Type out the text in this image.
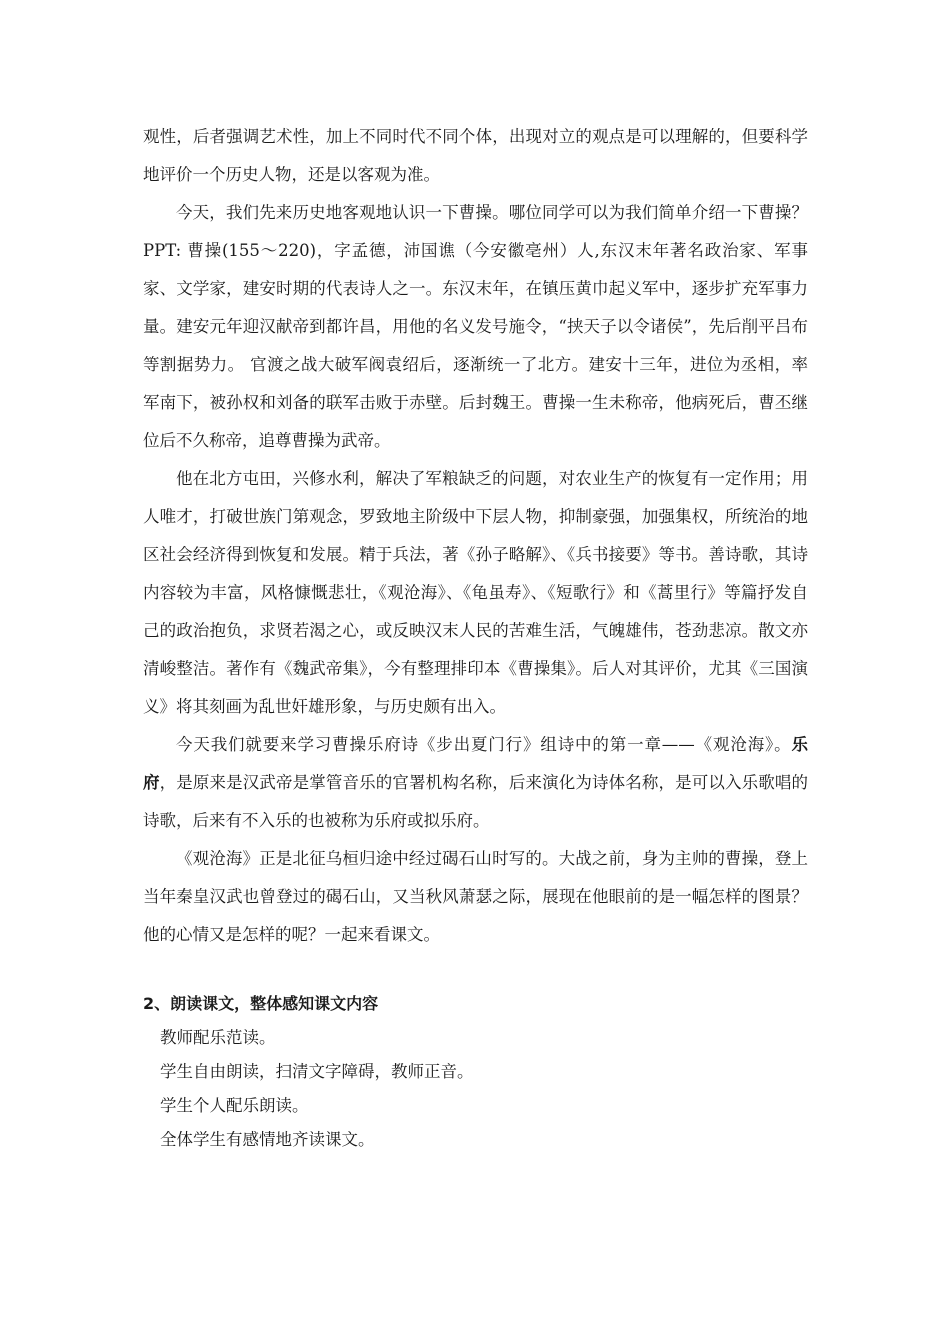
观性，后者强调艺术性，加上不同时代不同个体，出现对立的观点是可以理解的，但要科学地评价一个历史人物，还是以客观为准。

今天，我们先来历史地客观地认识一下曹操。哪位同学可以为我们简单介绍一下曹操？PPT: 曹操(155～220)，字孟德，沛国谯（今安徽亳州）人,东汉末年著名政治家、军事家、文学家，建安时期的代表诗人之一。东汉末年，在镇压黄巾起义军中，逐步扩充军事力量。建安元年迎汉献帝到都许昌，用他的名义发号施令，“挟天子以令诸侯”，先后削平吕布等割据势力。 官渡之战大破军阀袁绍后，逐渐统一了北方。建安十三年，进位为丞相，率军南下，被孙权和刘备的联军击败于赤壁。后封魏王。曹操一生未称帝，他病死后，曹丕继位后不久称帝，追尊曹操为武帝。

他在北方屯田，兴修水利，解决了军粮缺乏的问题，对农业生产的恢复有一定作用；用人唯才，打破世族门第观念，罗致地主阶级中下层人物，抑制豪强，加强集权，所统治的地区社会经济得到恢复和发展。精于兵法，著《孙子略解》、《兵书接要》等书。善诗歌，其诗内容较为丰富，风格慷慨悲壮，《观沧海》、《龟虽寿》、《短歌行》和《蒿里行》等篇抒发自己的政治抱负，求贤若渴之心，或反映汉末人民的苦难生活，气魄雄伟，苍劲悲凉。散文亦清峻整洁。著作有《魏武帝集》，今有整理排印本《曹操集》。后人对其评价，尤其《三国演义》将其刻画为乱世奸雄形象，与历史颇有出入。

今天我们就要来学习曹操乐府诗《步出夏门行》组诗中的第一章——《观沧海》。乐府，是原来是汉武帝是掌管音乐的官署机构名称，后来演化为诗体名称，是可以入乐歌唱的诗歌，后来有不入乐的也被称为乐府或拟乐府。

《观沧海》正是北征乌桓归途中经过碣石山时写的。大战之前，身为主帅的曹操，登上当年秦皇汉武也曾登过的碣石山，又当秋风萧瑟之际，展现在他眼前的是一幅怎样的图景？他的心情又是怎样的呢？一起来看课文。

2、朗读课文，整体感知课文内容

教师配乐范读。

学生自由朗读，扫清文字障碍，教师正音。

学生个人配乐朗读。

全体学生有感情地齐读课文。
